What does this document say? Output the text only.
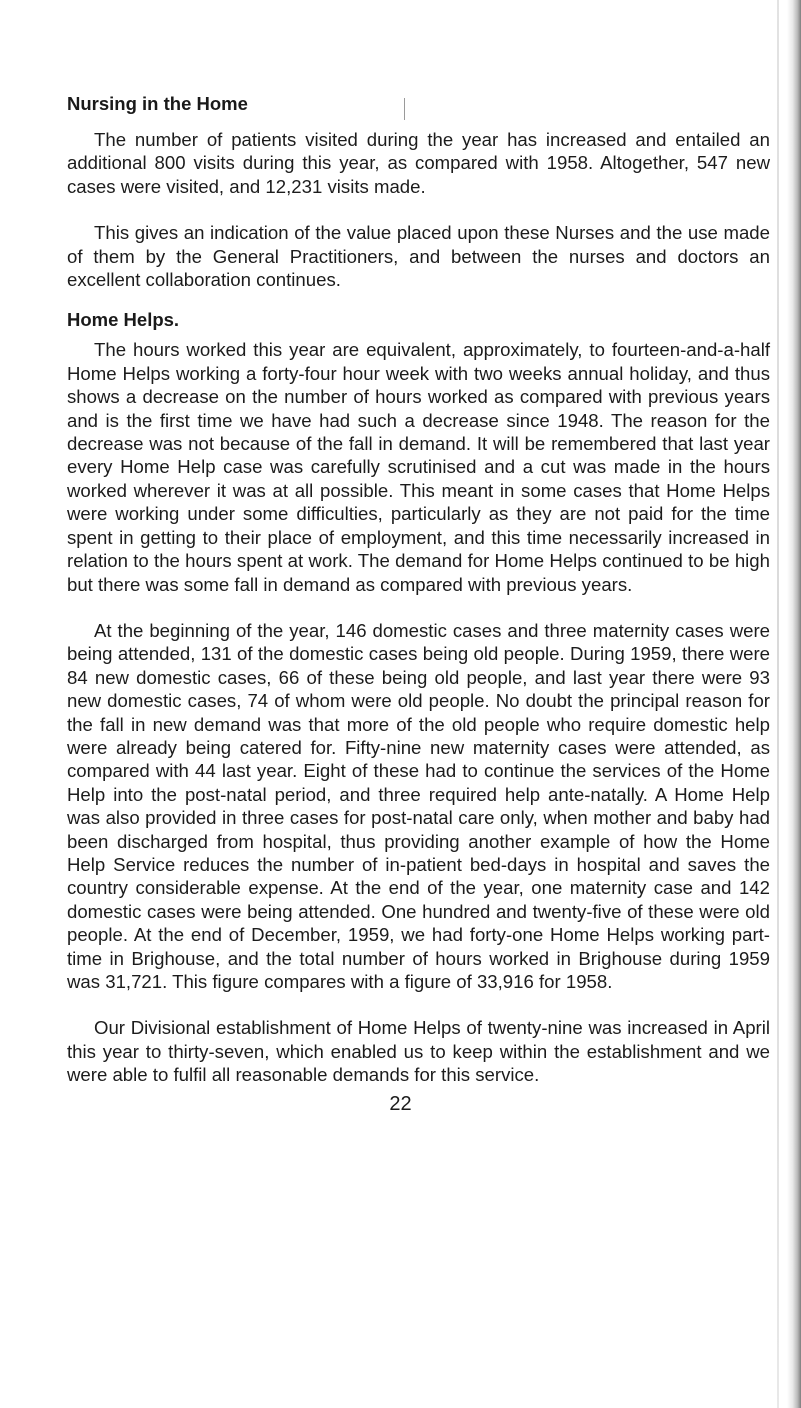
Nursing in the Home

The number of patients visited during the year has increased and entailed an additional 800 visits during this year, as compared with 1958. Altogether, 547 new cases were visited, and 12,231 visits made.

This gives an indication of the value placed upon these Nurses and the use made of them by the General Practitioners, and between the nurses and doctors an excellent collaboration continues.

Home Helps.

The hours worked this year are equivalent, approximately, to fourteen-and-a-half Home Helps working a forty-four hour week with two weeks annual holiday, and thus shows a decrease on the number of hours worked as compared with previous years and is the first time we have had such a decrease since 1948. The reason for the decrease was not because of the fall in demand. It will be remembered that last year every Home Help case was carefully scrutinised and a cut was made in the hours worked wherever it was at all possible. This meant in some cases that Home Helps were working under some difficulties, particularly as they are not paid for the time spent in getting to their place of employment, and this time necessarily increased in relation to the hours spent at work. The demand for Home Helps continued to be high but there was some fall in demand as compared with previous years.

At the beginning of the year, 146 domestic cases and three maternity cases were being attended, 131 of the domestic cases being old people. During 1959, there were 84 new domestic cases, 66 of these being old people, and last year there were 93 new domestic cases, 74 of whom were old people. No doubt the principal reason for the fall in new demand was that more of the old people who require domestic help were already being catered for. Fifty-nine new maternity cases were attended, as compared with 44 last year. Eight of these had to continue the services of the Home Help into the post-natal period, and three required help ante-natally. A Home Help was also provided in three cases for post-natal care only, when mother and baby had been discharged from hospital, thus providing another example of how the Home Help Service reduces the number of in-patient bed-days in hospital and saves the country considerable expense. At the end of the year, one maternity case and 142 domestic cases were being attended. One hundred and twenty-five of these were old people. At the end of December, 1959, we had forty-one Home Helps working part-time in Brighouse, and the total number of hours worked in Brighouse during 1959 was 31,721. This figure compares with a figure of 33,916 for 1958.

Our Divisional establishment of Home Helps of twenty-nine was increased in April this year to thirty-seven, which enabled us to keep within the establishment and we were able to fulfil all reasonable demands for this service.

22
